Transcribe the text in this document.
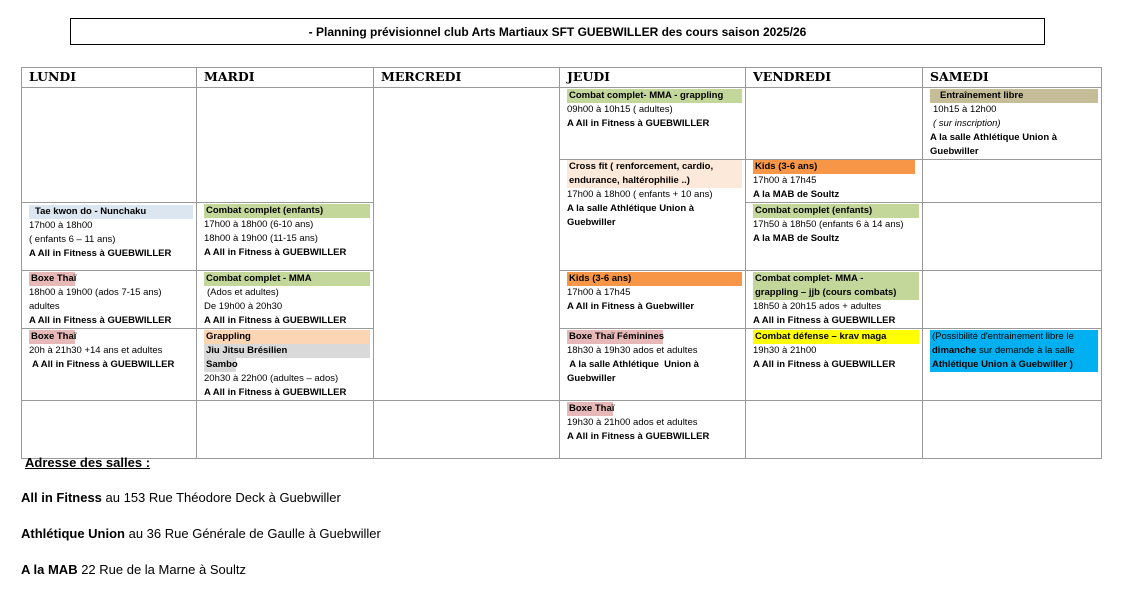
- Planning prévisionnel club Arts Martiaux SFT GUEBWILLER des cours saison 2025/26
LUNDI	MARDI	MERCREDI	JEUDI	VENDREDI	SAMEDI

			Combat complet- MMA - grappling
09h00 à 10h15 ( adultes)
A All in Fitness à GUEBWILLER		Entraînement libre
10h15 à 12h00
( sur inscription)
A la salle Athlétique Union à
Guebwiller

			Cross fit ( renforcement, cardio,
endurance, haltérophilie ..)
17h00 à 18h00 ( enfants + 10 ans)
A la salle Athlétique Union à
Guebwiller	Kids (3-6 ans)
17h00 à 17h45
A la MAB de Soultz	

Tae kwon do - Nunchaku
17h00 à 18h00
( enfants 6 – 11 ans)
A All in Fitness à GUEBWILLER	Combat complet (enfants)
17h00 à 18h00 (6-10 ans)
18h00 à 19h00 (11-15 ans)
A All in Fitness à GUEBWILLER			Combat complet (enfants)
17h50 à 18h50 (enfants 6 à 14 ans)
A la MAB de Soultz	

Boxe Thaï
18h00 à 19h00 (ados 7-15 ans)
adultes
A All in Fitness à GUEBWILLER	Combat complet - MMA
(Ados et adultes)
De 19h00 à 20h30
A All in Fitness à GUEBWILLER		Kids (3-6 ans)
17h00 à 17h45
A All in Fitness à Guebwiller	Combat complet- MMA -
grappling – jjb (cours combats)
18h50 à 20h15 ados + adultes
A All in Fitness à GUEBWILLER	

Boxe Thaï
20h à 21h30 +14 ans et adultes
A All in Fitness à GUEBWILLER	Grappling
Jiu Jitsu Brésilien
Sambo
20h30 à 22h00 (adultes – ados)
A All in Fitness à GUEBWILLER		Boxe Thaï Féminines
18h30 à 19h30 ados et adultes
A la salle Athlétique  Union à
Guebwiller	Combat défense – krav maga
19h30 à 21h00
A All in Fitness à GUEBWILLER	(Possibilité d'entrainement libre le
dimanche sur demande à la salle
Athlétique Union à Guebwiller )

			Boxe Thaï
19h30 à 21h00 ados et adultes
A All in Fitness à GUEBWILLER		

Adresse des salles :
All in Fitness au 153 Rue Théodore Deck à Guebwiller
Athlétique Union au 36 Rue Générale de Gaulle à Guebwiller
A la MAB 22 Rue de la Marne à Soultz
